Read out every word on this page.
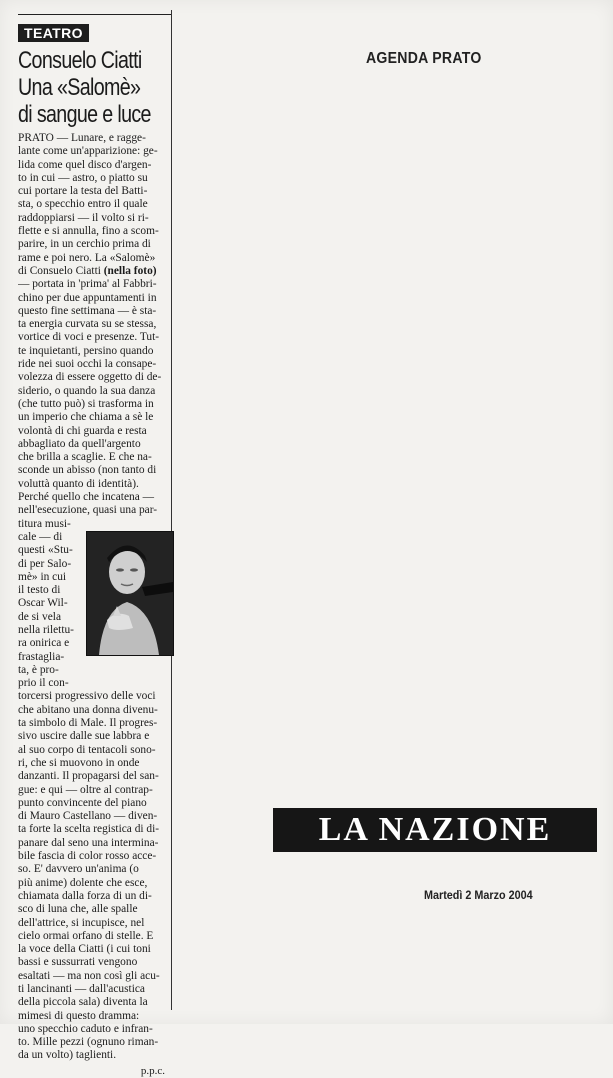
TEATRO
Consuelo Ciatti
Una «Salomè»
di sangue e luce
PRATO — Lunare, e ragge-
lante come un'apparizione: ge-
lida come quel disco d'argen-
to in cui — astro, o piatto su
cui portare la testa del Batti-
sta, o specchio entro il quale
raddoppiarsi — il volto si ri-
flette e si annulla, fino a scom-
parire, in un cerchio prima di
rame e poi nero. La «Salomè»
di Consuelo Ciatti (nella foto)
— portata in 'prima' al Fabbri-
chino per due appuntamenti in
questo fine settimana — è sta-
ta energia curvata su se stessa,
vortice di voci e presenze. Tut-
te inquietanti, persino quando
ride nei suoi occhi la consape-
volezza di essere oggetto di de-
siderio, o quando la sua danza
(che tutto può) si trasforma in
un imperio che chiama a sè le
volontà di chi guarda e resta
abbagliato da quell'argento
che brilla a scaglie. E che na-
sconde un abisso (non tanto di
voluttà quanto di identità).
Perché quello che incatena —
nell'esecuzione, quasi una par-
titura musi-
cale — di
questi «Stu-
di per Salo-
mè» in cui
il testo di
Oscar Wil-
de si vela
nella rilettu-
ra onirica e
frastaglia-
ta, è pro-
prio il con-
torcersi progressivo delle voci
che abitano una donna divenu-
ta simbolo di Male. Il progres-
sivo uscire dalle sue labbra e
al suo corpo di tentacoli sono-
ri, che si muovono in onde
danzanti. Il propagarsi del san-
gue: e qui — oltre al contrap-
punto convincente del piano
di Mauro Castellano — diven-
ta forte la scelta registica di di-
panare dal seno una intermina-
bile fascia di color rosso acce-
so. E' davvero un'anima (o
più anime) dolente che esce,
chiamata dalla forza di un di-
sco di luna che, alle spalle
dell'attrice, si incupisce, nel
cielo ormai orfano di stelle. E
la voce della Ciatti (i cui toni
bassi e sussurrati vengono
esaltati — ma non così gli acu-
ti lancinanti — dall'acustica
della piccola sala) diventa la
mimesi di questo dramma:
uno specchio caduto e infran-
to. Mille pezzi (ognuno riman-
da un volto) taglienti.
p.p.c.
AGENDA PRATO
LA NAZIONE
Martedì 2 Marzo 2004
